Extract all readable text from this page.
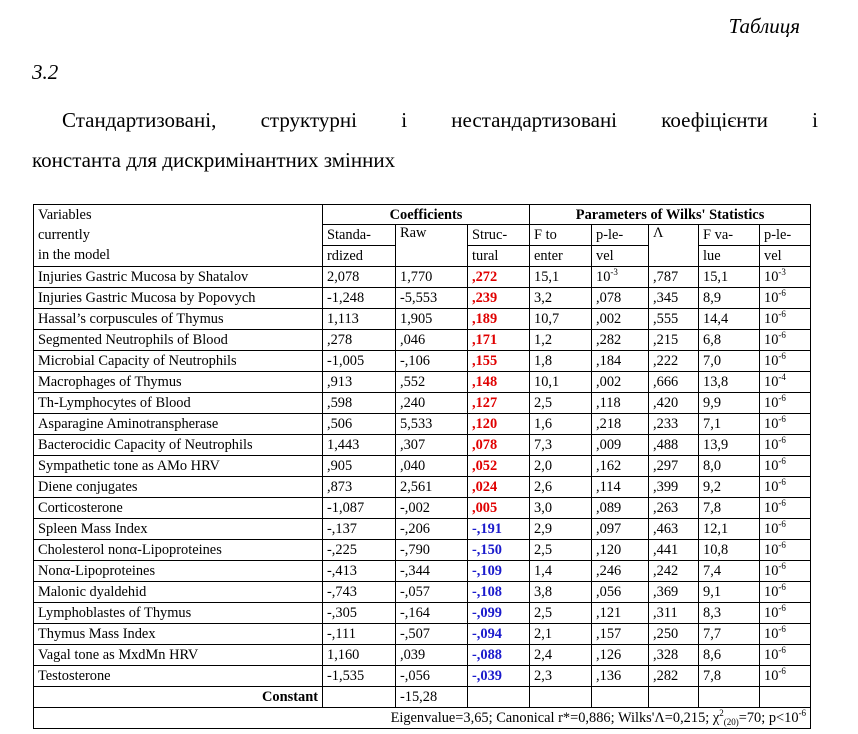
Таблиця
3.2
Стандартизовані, структурні і нестандартизовані коефіцієнти і
константа для дискримінантних змінних
Variables
currently
in the model	Coefficients			Parameters of Wilks' Statistics				
	Standa-	Raw	Struc-	F to	p-le-	Λ	F va-	p-le-
	rdized		tural	enter	vel		lue	vel
Injuries Gastric Mucosa by Shatalov	2,078	1,770	,272	15,1	$10^{-3}$	,787	15,1	$10^{-3}$
Injuries Gastric Mucosa by Popovych	-1,248	-5,553	,239	3,2	,078	,345	8,9	$10^{-6}$
Hassal’s corpuscules of Thymus	1,113	1,905	,189	10,7	,002	,555	14,4	$10^{-6}$
Segmented Neutrophils of Blood	,278	,046	,171	1,2	,282	,215	6,8	$10^{-6}$
Microbial Capacity of Neutrophils	-1,005	-,106	,155	1,8	,184	,222	7,0	$10^{-6}$
Macrophages of Thymus	,913	,552	,148	10,1	,002	,666	13,8	$10^{-4}$
Th-Lymphocytes of Blood	,598	,240	,127	2,5	,118	,420	9,9	$10^{-6}$
Asparagine Aminotranspherase	,506	5,533	,120	1,6	,218	,233	7,1	$10^{-6}$
Bacterocidic Capacity of Neutrophils	1,443	,307	,078	7,3	,009	,488	13,9	$10^{-6}$
Sympathetic tone as AMo HRV	,905	,040	,052	2,0	,162	,297	8,0	$10^{-6}$
Diene conjugates	,873	2,561	,024	2,6	,114	,399	9,2	$10^{-6}$
Corticosterone	-1,087	-,002	,005	3,0	,089	,263	7,8	$10^{-6}$
Spleen Mass Index	-,137	-,206	-,191	2,9	,097	,463	12,1	$10^{-6}$
Cholesterol nonα-Lipoproteines	-,225	-,790	-,150	2,5	,120	,441	10,8	$10^{-6}$
Nonα-Lipoproteines	-,413	-,344	-,109	1,4	,246	,242	7,4	$10^{-6}$
Malonic dyaldehid	-,743	-,057	-,108	3,8	,056	,369	9,1	$10^{-6}$
Lymphoblastes of Thymus	-,305	-,164	-,099	2,5	,121	,311	8,3	$10^{-6}$
Thymus Mass Index	-,111	-,507	-,094	2,1	,157	,250	7,7	$10^{-6}$
Vagal tone as MxdMn HRV	1,160	,039	-,088	2,4	,126	,328	8,6	$10^{-6}$
Testosterone	-1,535	-,056	-,039	2,3	,136	,282	7,8	$10^{-6}$
Constant		-15,28						
Eigenvalue=3,65; Canonical r*=0,886; Wilks'Λ=0,215; $\chi^2_{(20)}=70$; $p<10^{-6}$
